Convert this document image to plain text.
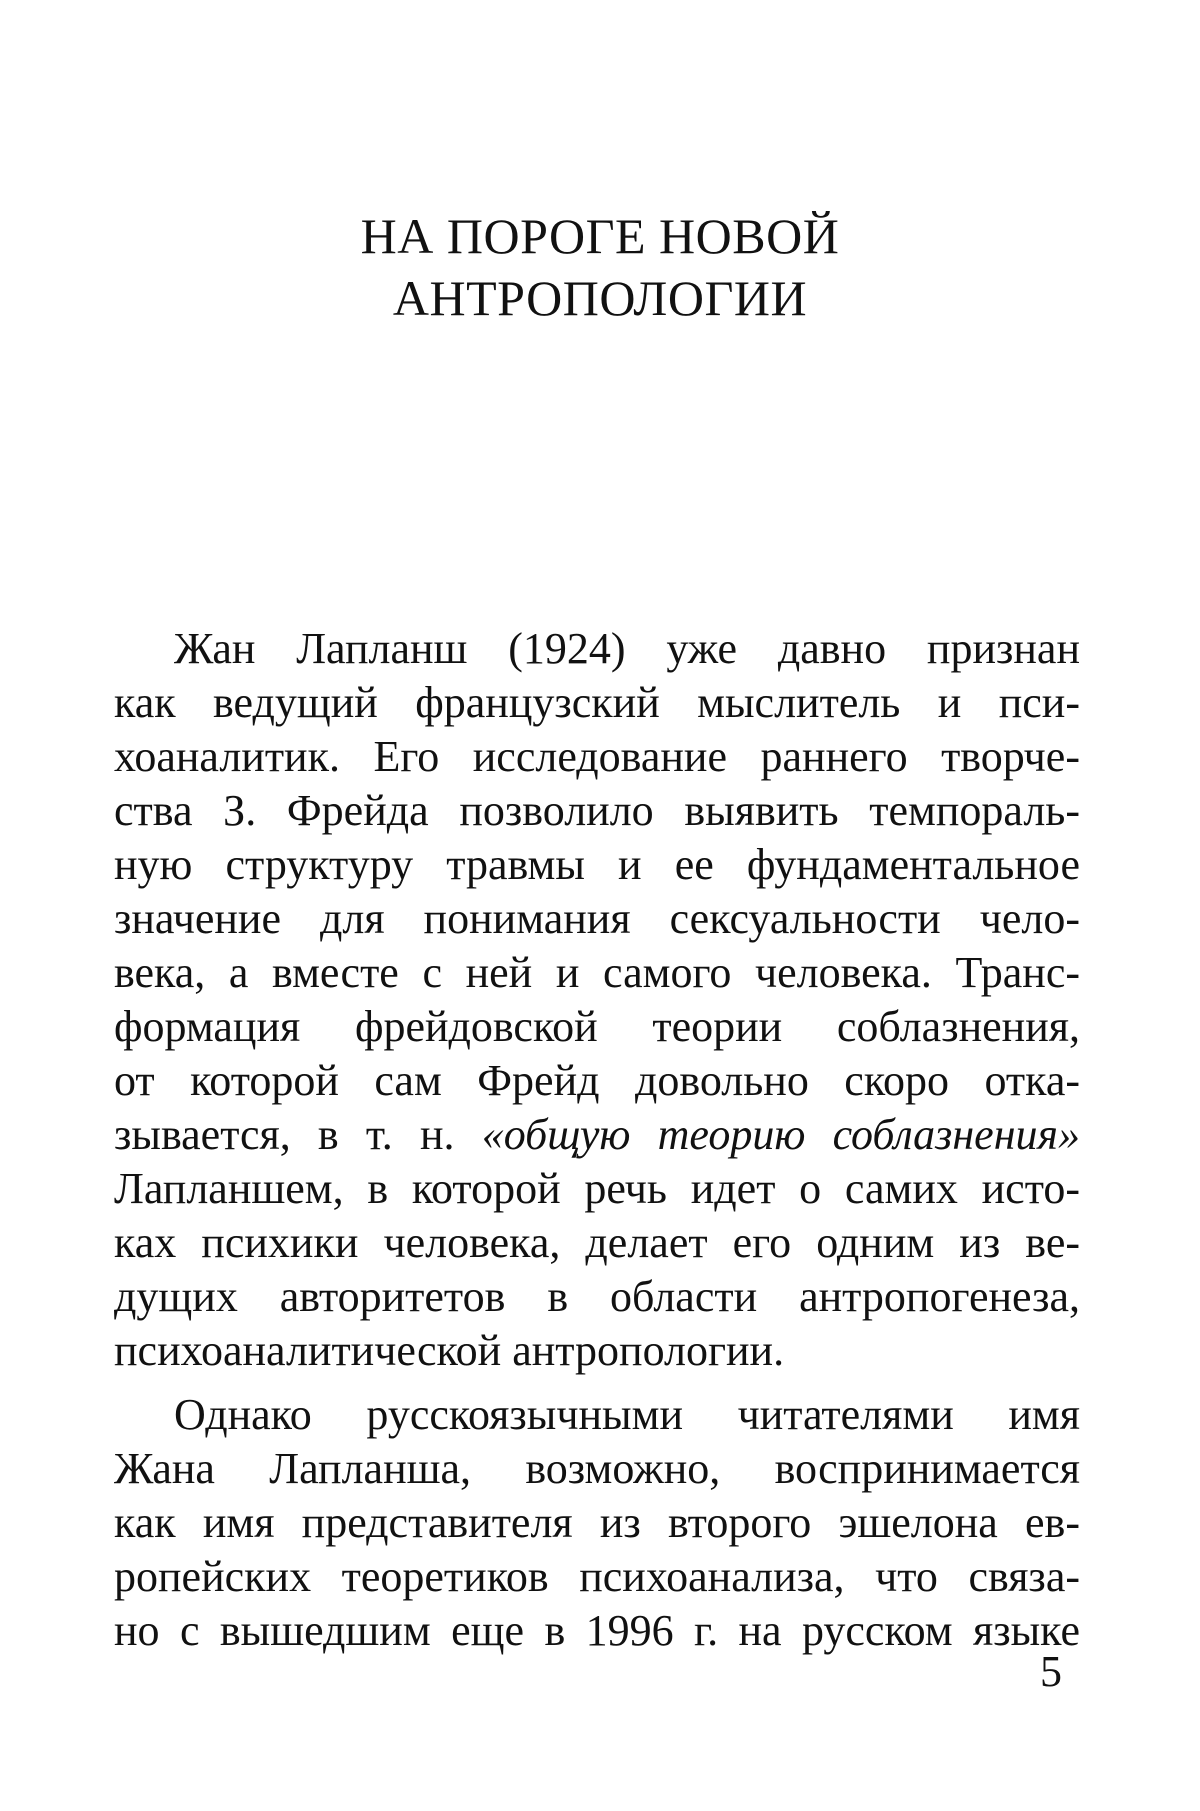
НА ПОРОГЕ НОВОЙ
АНТРОПОЛОГИИ
Жан Лапланш (1924) уже давно признан
как ведущий французский мыслитель и пси-
хоаналитик. Его исследование раннего творче-
ства З. Фрейда позволило выявить темпораль-
ную структуру травмы и ее фундаментальное
значение для понимания сексуальности чело-
века, а вместе с ней и самого человека. Транс-
формация фрейдовской теории соблазнения,
от которой сам Фрейд довольно скоро отка-
зывается, в т. н. «общую теорию соблазнения»
Лапланшем, в которой речь идет о самих исто-
ках психики человека, делает его одним из ве-
дущих авторитетов в области антропогенеза,
психоаналитической антропологии.
Однако русскоязычными читателями имя
Жана Лапланша, возможно, воспринимается
как имя представителя из второго эшелона ев-
ропейских теоретиков психоанализа, что связа-
но с вышедшим еще в 1996 г. на русском языке
5
